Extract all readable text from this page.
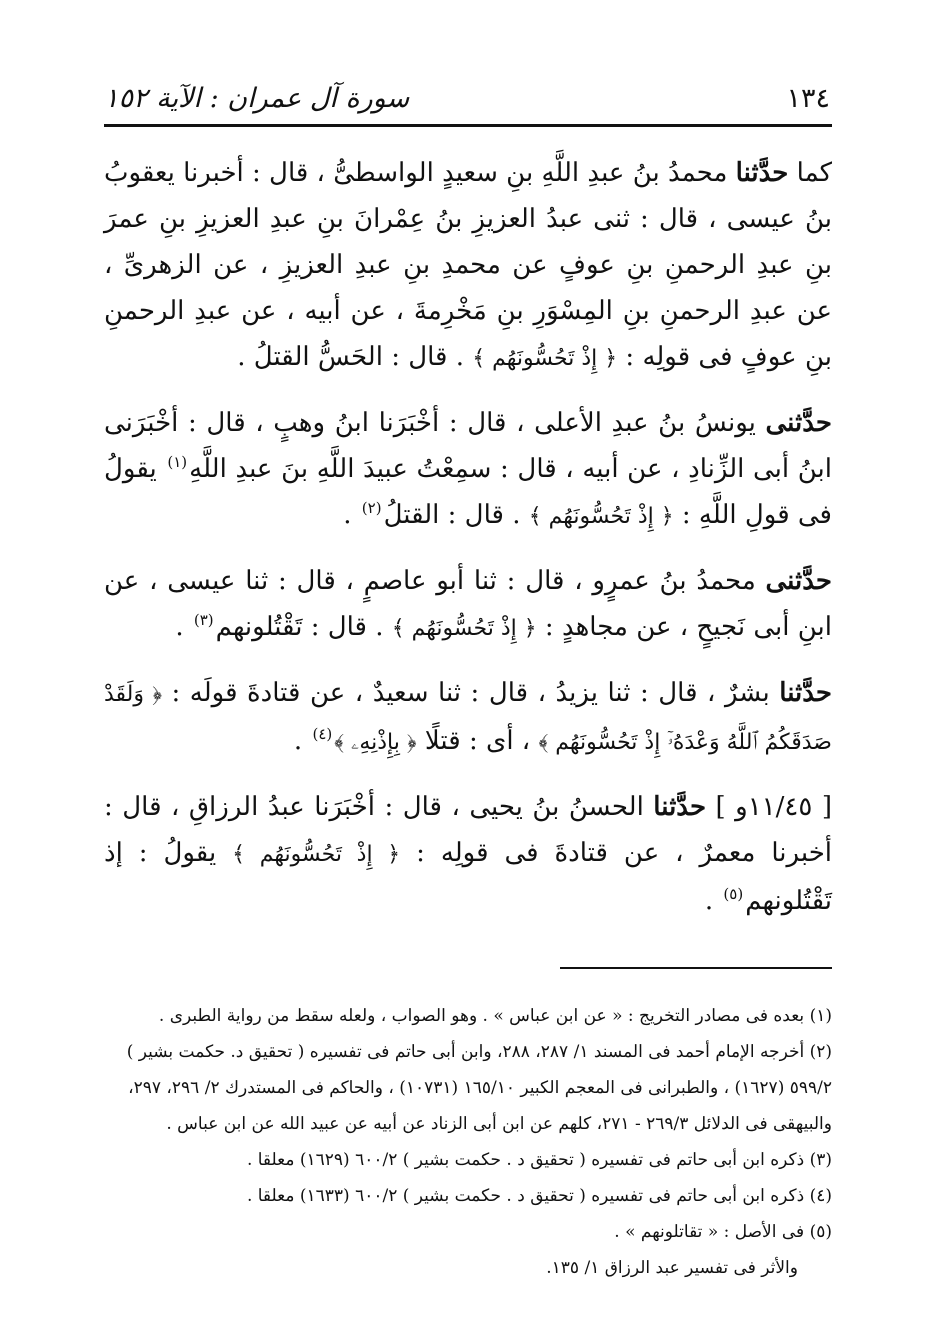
١٣٤
سورة آل عمران : الآية ١٥٢

كما حدَّثنا محمدُ بنُ عبدِ اللَّهِ بنِ سعيدٍ الواسطىُّ ، قال : أخبرنا يعقوبُ بنُ عيسى ، قال : ثنى عبدُ العزيزِ بنُ عِمْرانَ بنِ عبدِ العزيزِ بنِ عمرَ بنِ عبدِ الرحمنِ بنِ عوفٍ عن محمدِ بنِ عبدِ العزيزِ ، عن الزهرىِّ ، عن عبدِ الرحمنِ بنِ المِسْوَرِ بنِ مَخْرِمةَ ، عن أبيه ، عن عبدِ الرحمنِ بنِ عوفٍ فى قولِه : ﴿ إِذْ تَحُسُّونَهُم ﴾ . قال : الحَسُّ القتلُ .

حدَّثنى يونسُ بنُ عبدِ الأعلى ، قال : أخْبَرَنا ابنُ وهبٍ ، قال : أخْبَرَنى ابنُ أبى الزِّنادِ ، عن أبيه ، قال : سمِعْتُ عبيدَ اللَّهِ بنَ عبدِ اللَّهِ$^{(١)}$ يقولُ فى قولِ اللَّهِ : ﴿ إِذْ تَحُسُّونَهُم ﴾ . قال : القتلُ$^{(٢)}$ .

حدَّثنى محمدُ بنُ عمرٍو ، قال : ثنا أبو عاصمٍ ، قال : ثنا عيسى ، عن ابنِ أبى نَجيحٍ ، عن مجاهدٍ : ﴿ إِذْ تَحُسُّونَهُم ﴾ . قال : تَقْتُلونهم$^{(٣)}$ .

حدَّثنا بشرٌ ، قال : ثنا يزيدُ ، قال : ثنا سعيدٌ ، عن قتادةَ قولَه : ﴿ وَلَقَدْ صَدَقَكُمُ ٱللَّهُ وَعْدَهُۥٓ إِذْ تَحُسُّونَهُم ﴾ ، أى : قتلًا ﴿ بِإِذْنِهِۦ ﴾$^{(٤)}$ .

[ ١١/٤٥و ] حدَّثنا الحسنُ بنُ يحيى ، قال : أخْبَرَنا عبدُ الرزاقِ ، قال : أخبرنا معمرٌ ، عن قتادةَ فى قولِه : ﴿ إِذْ تَحُسُّونَهُم ﴾ يقولُ : إذ تَقْتُلونهم$^{(٥)}$ .

(١) بعده فى مصادر التخريج : « عن ابن عباس » . وهو الصواب ، ولعله سقط من رواية الطبرى .

(٢) أخرجه الإمام أحمد فى المسند ١/ ٢٨٧، ٢٨٨، وابن أبى حاتم فى تفسيره ( تحقيق د. حكمت بشير ) ٥٩٩/٢ (١٦٢٧) ، والطبرانى فى المعجم الكبير ١٦٥/١٠ (١٠٧٣١) ، والحاكم فى المستدرك ٢/ ٢٩٦، ٢٩٧، والبيهقى فى الدلائل ٢٦٩/٣ - ٢٧١، كلهم عن ابن أبى الزناد عن أبيه عن عبيد الله عن ابن عباس .

(٣) ذكره ابن أبى حاتم فى تفسيره ( تحقيق د . حكمت بشير ) ٦٠٠/٢ (١٦٢٩) معلقا .

(٤) ذكره ابن أبى حاتم فى تفسيره ( تحقيق د . حكمت بشير ) ٦٠٠/٢ (١٦٣٣) معلقا .

(٥) فى الأصل : « تقاتلونهم » .

والأثر فى تفسير عبد الرزاق ١/ ١٣٥.
